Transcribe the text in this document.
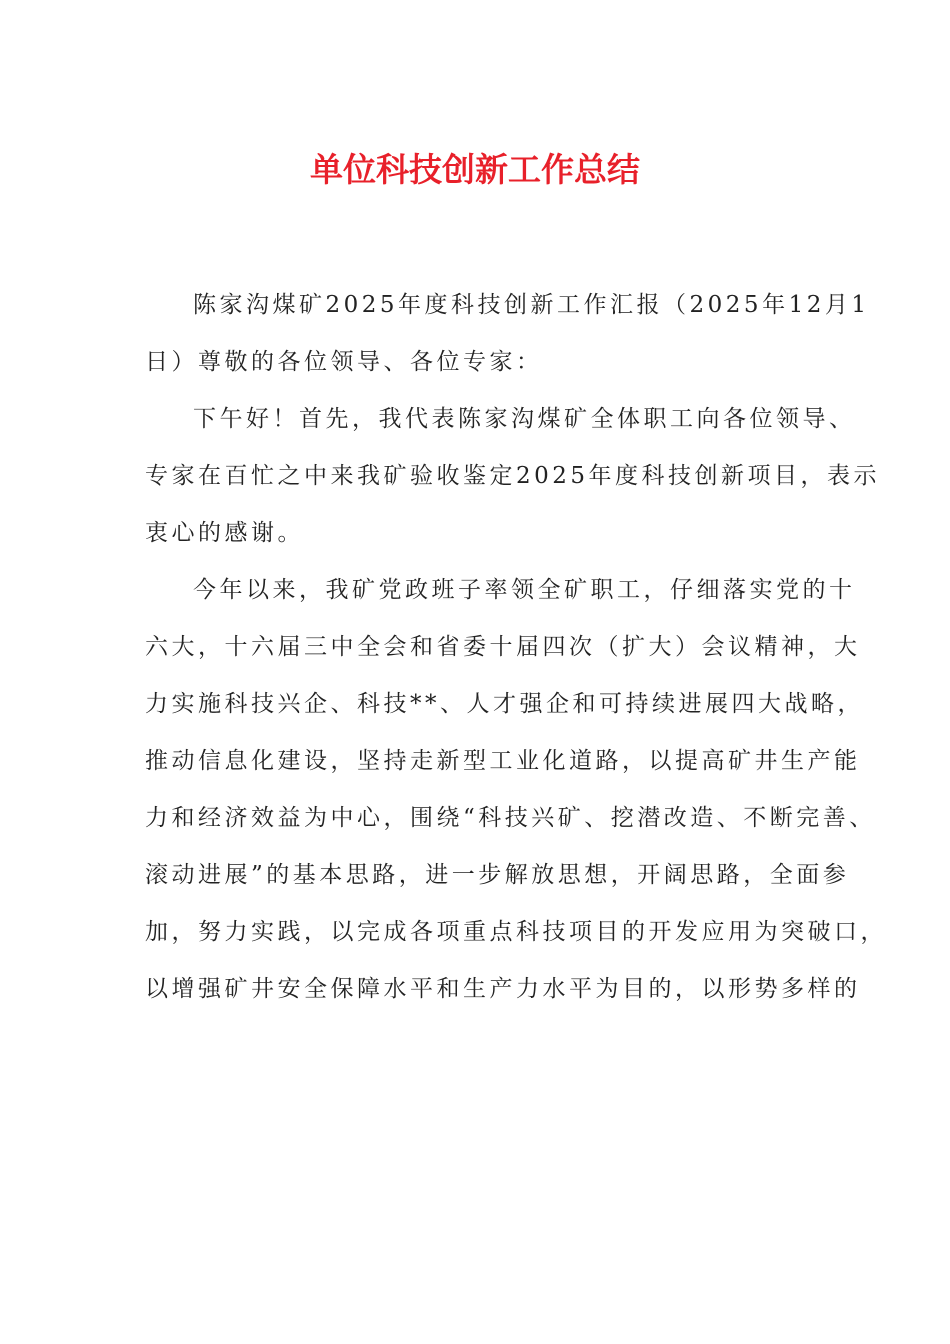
单位科技创新工作总结
陈家沟煤矿2025年度科技创新工作汇报（2025年12月1
日）尊敬的各位领导、各位专家：
下午好！首先，我代表陈家沟煤矿全体职工向各位领导、
专家在百忙之中来我矿验收鉴定2025年度科技创新项目，表示
衷心的感谢。
今年以来，我矿党政班子率领全矿职工，仔细落实党的十
六大，十六届三中全会和省委十届四次（扩大）会议精神，大
力实施科技兴企、科技**、人才强企和可持续进展四大战略，
推动信息化建设，坚持走新型工业化道路，以提高矿井生产能
力和经济效益为中心，围绕“科技兴矿、挖潜改造、不断完善、
滚动进展”的基本思路，进一步解放思想，开阔思路，全面参
加，努力实践，以完成各项重点科技项目的开发应用为突破口，
以增强矿井安全保障水平和生产力水平为目的，以形势多样的
